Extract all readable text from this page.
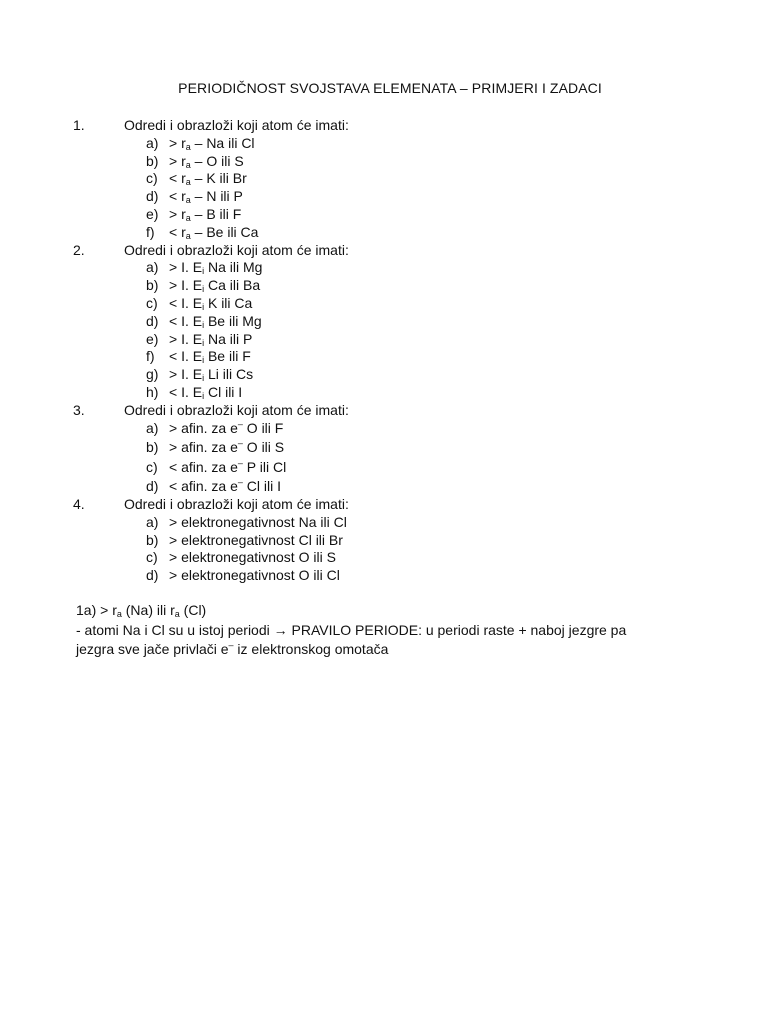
PERIODIČNOST SVOJSTAVA ELEMENATA – PRIMJERI I ZADACI
1.	Odredi i obrazloži koji atom će imati:
$a) > r_a - Na$ ili Cl
$b) > r_a - O$ ili S
$c) < r_a - K$ ili Br
$d) < r_a - N$ ili P
$e) > r_a - B$ ili F
$f) < r_a - Be$ ili Ca
2.	Odredi i obrazloži koji atom će imati:
a) > I. $E_i$ Na ili Mg
b) > I. $E_i$ Ca ili Ba
c) < I. $E_i$ K ili Ca
d) < I. $E_i$ Be ili Mg
e) > I. $E_i$ Na ili P
f) < I. $E_i$ Be ili F
g) > I. $E_i$ Li ili Cs
h) < I. $E_i$ Cl ili I
3.	Odredi i obrazloži koji atom će imati:
a) > afin. za e– O ili F
b) > afin. za e– O ili S
c) < afin. za e– P ili Cl
d) < afin. za e– Cl ili I
4.	Odredi i obrazloži koji atom će imati:
a) > elektronegativnost Na ili Cl
b) > elektronegativnost Cl ili Br
c) > elektronegativnost O ili S
d) > elektronegativnost O ili Cl
$1a) > r_a$ (Na) ili $r_a$ (Cl)
- atomi Na i Cl su u istoj periodi → PRAVILO PERIODE: u periodi raste + naboj jezgre pa
jezgra sve jače privlači e– iz elektronskog omotača
